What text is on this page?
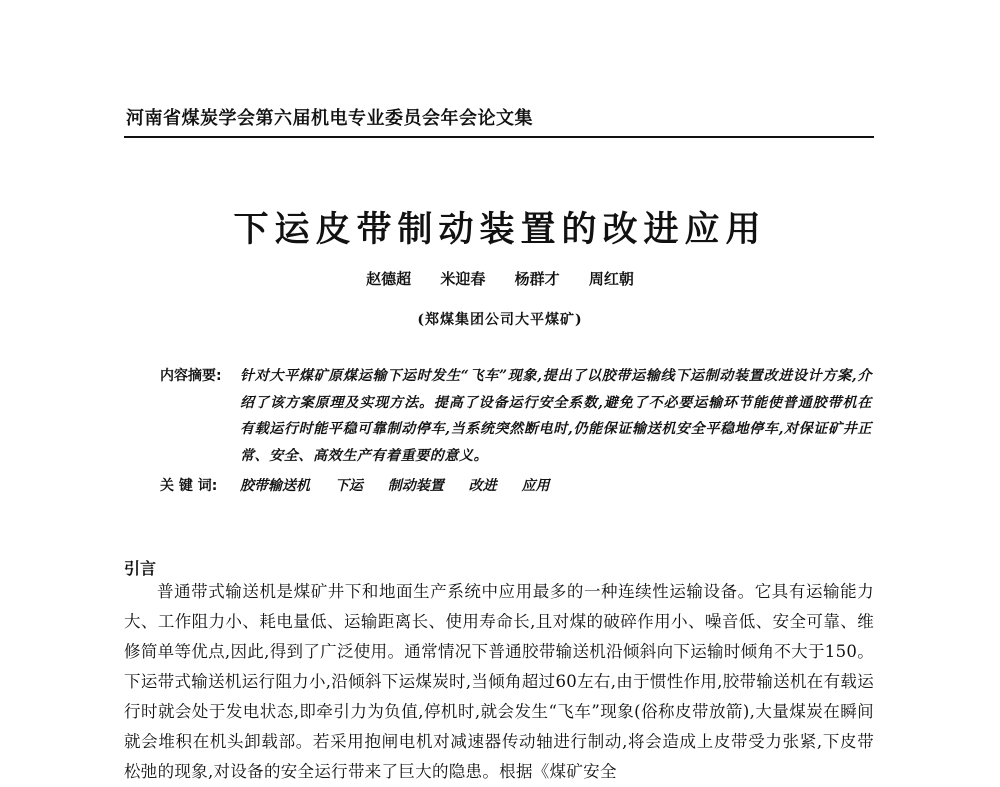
河南省煤炭学会第六届机电专业委员会年会论文集
下运皮带制动装置的改进应用
赵德超 米迎春 杨群才 周红朝
(郑煤集团公司大平煤矿)
内容摘要:	针对大平煤矿原煤运输下运时发生“飞车”现象,提出了以胶带运输线下运制动装置改进设计方案,介绍了该方案原理及实现方法。提高了设备运行安全系数,避免了不必要运输环节能使普通胶带机在有载运行时能平稳可靠制动停车,当系统突然断电时,仍能保证输送机安全平稳地停车,对保证矿井正常、安全、高效生产有着重要的意义。
关 键 词:	胶带输送机 下运 制动装置 改进 应用
引言

普通带式输送机是煤矿井下和地面生产系统中应用最多的一种连续性运输设备。它具有运输能力大、工作阻力小、耗电量低、运输距离长、使用寿命长,且对煤的破碎作用小、噪音低、安全可靠、维修简单等优点,因此,得到了广泛使用。通常情况下普通胶带输送机沿倾斜向下运输时倾角不大于150。下运带式输送机运行阻力小,沿倾斜下运煤炭时,当倾角超过60左右,由于惯性作用,胶带输送机在有载运行时就会处于发电状态,即牵引力为负值,停机时,就会发生“飞车”现象(俗称皮带放箭),大量煤炭在瞬间就会堆积在机头卸载部。若采用抱闸电机对减速器传动轴进行制动,将会造成上皮带受力张紧,下皮带松弛的现象,对设备的安全运行带来了巨大的隐患。根据《煤矿安全
